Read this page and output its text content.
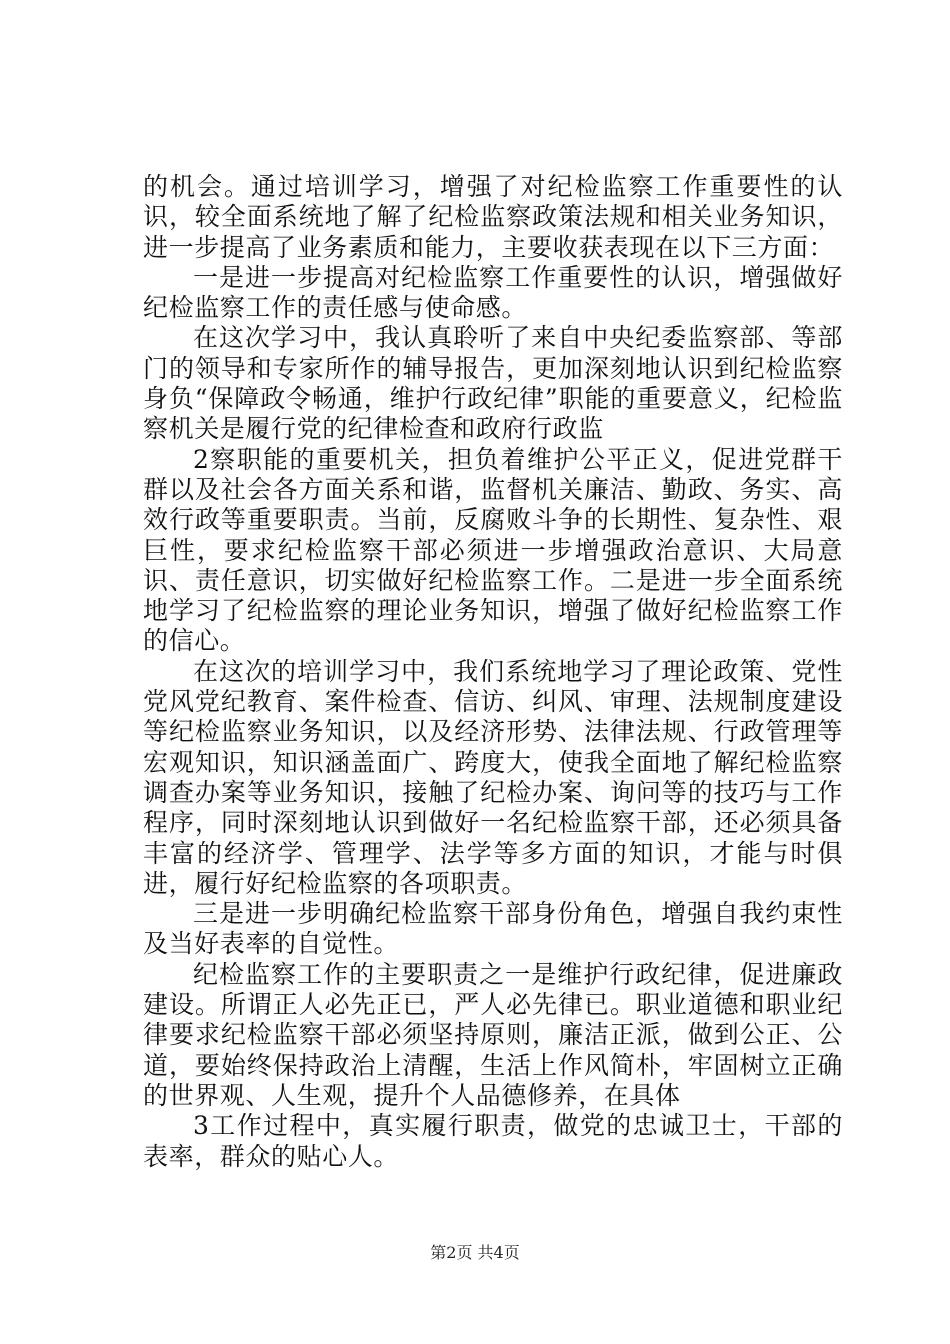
的机会。通过培训学习，增强了对纪检监察工作重要性的认识，较全面系统地了解了纪检监察政策法规和相关业务知识，进一步提高了业务素质和能力，主要收获表现在以下三方面：

一是进一步提高对纪检监察工作重要性的认识，增强做好纪检监察工作的责任感与使命感。

在这次学习中，我认真聆听了来自中央纪委监察部、等部门的领导和专家所作的辅导报告，更加深刻地认识到纪检监察身负“保障政令畅通，维护行政纪律”职能的重要意义，纪检监察机关是履行党的纪律检查和政府行政监

2察职能的重要机关，担负着维护公平正义，促进党群干群以及社会各方面关系和谐，监督机关廉洁、勤政、务实、高效行政等重要职责。当前，反腐败斗争的长期性、复杂性、艰巨性，要求纪检监察干部必须进一步增强政治意识、大局意识、责任意识，切实做好纪检监察工作。二是进一步全面系统地学习了纪检监察的理论业务知识，增强了做好纪检监察工作的信心。

在这次的培训学习中，我们系统地学习了理论政策、党性党风党纪教育、案件检查、信访、纠风、审理、法规制度建设等纪检监察业务知识，以及经济形势、法律法规、行政管理等宏观知识，知识涵盖面广、跨度大，使我全面地了解纪检监察调查办案等业务知识，接触了纪检办案、询问等的技巧与工作程序，同时深刻地认识到做好一名纪检监察干部，还必须具备丰富的经济学、管理学、法学等多方面的知识，才能与时俱进，履行好纪检监察的各项职责。

三是进一步明确纪检监察干部身份角色，增强自我约束性及当好表率的自觉性。

纪检监察工作的主要职责之一是维护行政纪律，促进廉政建设。所谓正人必先正已，严人必先律已。职业道德和职业纪律要求纪检监察干部必须坚持原则，廉洁正派，做到公正、公道，要始终保持政治上清醒，生活上作风简朴，牢固树立正确的世界观、人生观，提升个人品德修养，在具体

3工作过程中，真实履行职责，做党的忠诚卫士，干部的表率，群众的贴心人。

第2页 共4页
